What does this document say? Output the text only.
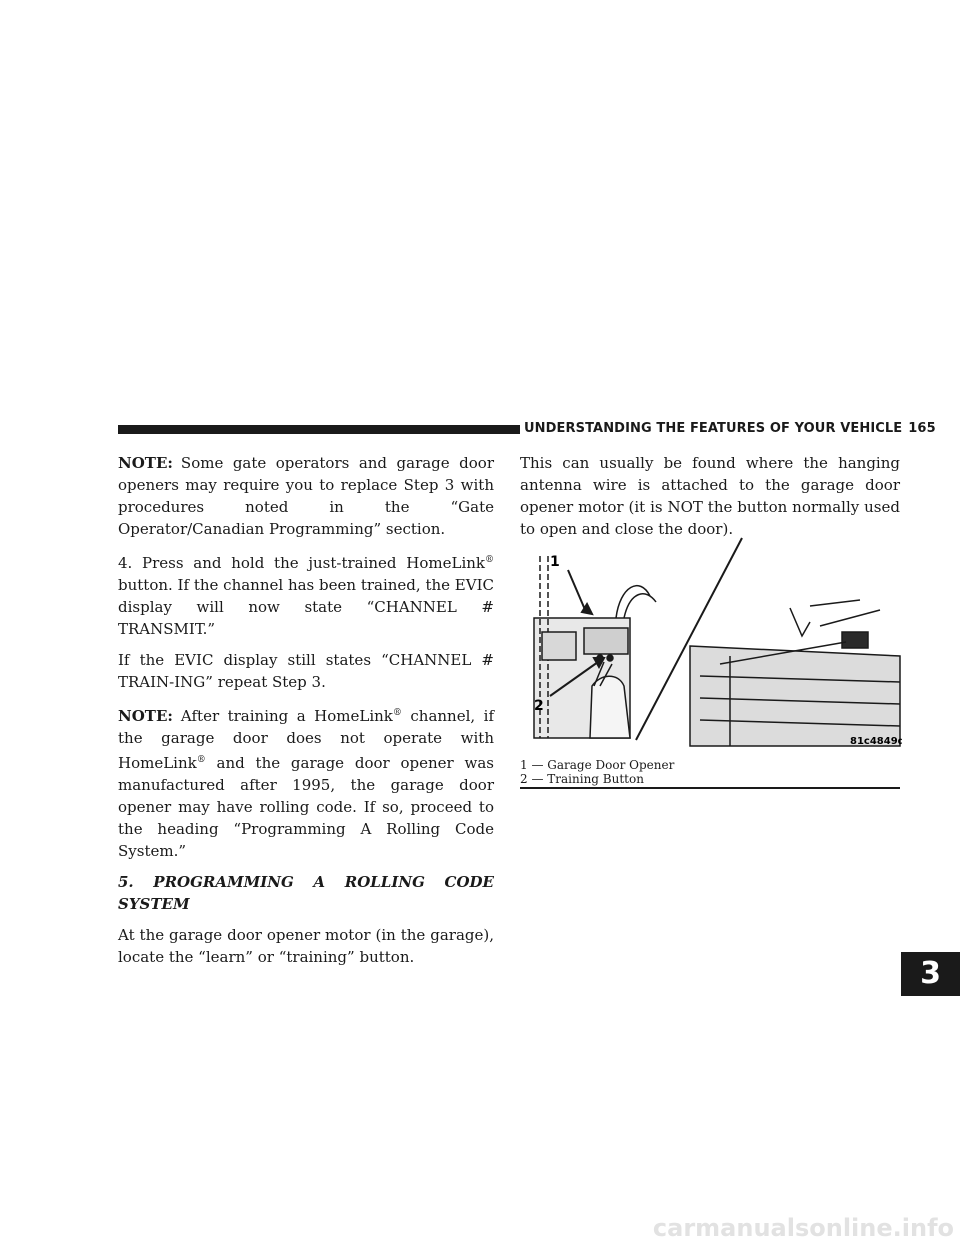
UNDERSTANDING THE FEATURES OF YOUR VEHICLE 165
3

NOTE: Some gate operators and garage door openers may require you to replace Step 3 with procedures noted in the “Gate Operator/Canadian Programming” section.

4. Press and hold the just-trained HomeLink® button. If the channel has been trained, the EVIC display will now state “CHANNEL # TRANSMIT.”

If the EVIC display still states “CHANNEL # TRAIN-ING” repeat Step 3.

NOTE: After training a HomeLink® channel, if the garage door does not operate with HomeLink® and the garage door opener was manufactured after 1995, the garage door opener may have rolling code. If so, proceed to the heading “Programming A Rolling Code System.”

5. PROGRAMMING A ROLLING CODE SYSTEM

At the garage door opener motor (in the garage), locate the “learn” or “training” button.

This can usually be found where the hanging antenna wire is attached to the garage door opener motor (it is NOT the button normally used to open and close the door).

1
2
81c4849d
1 — Garage Door Opener
2 — Training Button
carmanualsonline.info
